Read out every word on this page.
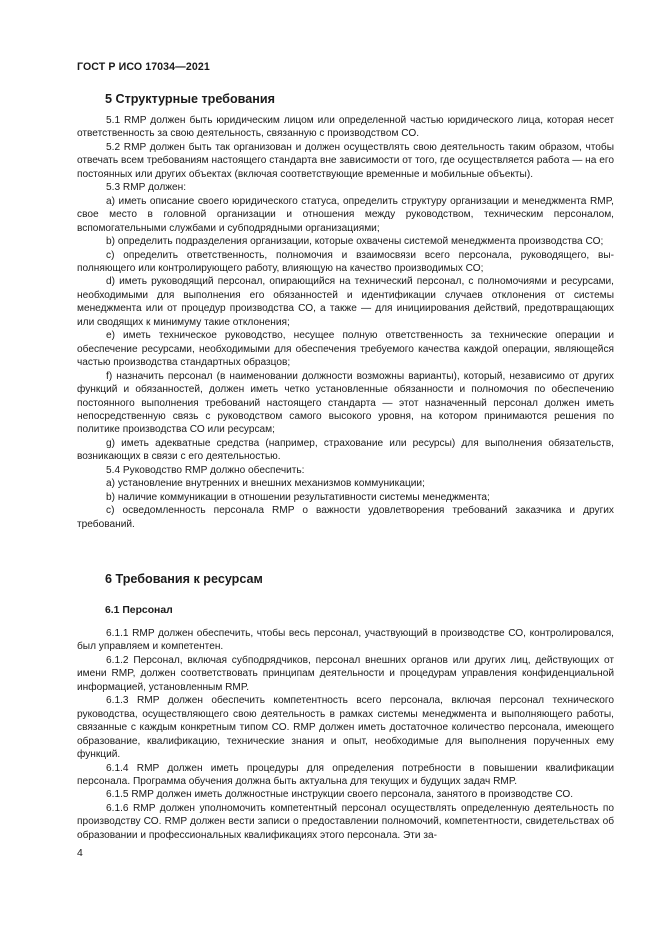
ГОСТ Р ИСО 17034—2021
5 Структурные требования

5.1 RMP должен быть юридическим лицом или определенной частью юридического лица, которая несет ответственность за свою деятельность, связанную с производством СО.

5.2 RMP должен быть так организован и должен осуществлять свою деятельность таким образом, чтобы отвечать всем требованиям настоящего стандарта вне зависимости от того, где осуществляется работа — на его постоянных или других объектах (включая соответствующие временные и мобильные объекты).

5.3 RMP должен:

a) иметь описание своего юридического статуса, определить структуру организации и менеджмента RMP, свое место в головной организации и отношения между руководством, техническим персоналом, вспомогательными службами и субподрядными организациями;

b) определить подразделения организации, которые охвачены системой менеджмента производства СО;

c) определить ответственность, полномочия и взаимосвязи всего персонала, руководящего, выполняющего или контролирующего работу, влияющую на качество производимых СО;

d) иметь руководящий персонал, опирающийся на технический персонал, с полномочиями и ресурсами, необходимыми для выполнения его обязанностей и идентификации случаев отклонения от системы менеджмента или от процедур производства СО, а также — для инициирования действий, предотвращающих или сводящих к минимуму такие отклонения;

e) иметь техническое руководство, несущее полную ответственность за технические операции и обеспечение ресурсами, необходимыми для обеспечения требуемого качества каждой операции, являющейся частью производства стандартных образцов;

f) назначить персонал (в наименовании должности возможны варианты), который, независимо от других функций и обязанностей, должен иметь четко установленные обязанности и полномочия по обеспечению постоянного выполнения требований настоящего стандарта — этот назначенный персонал должен иметь непосредственную связь с руководством самого высокого уровня, на котором принимаются решения по политике производства СО или ресурсам;

g) иметь адекватные средства (например, страхование или ресурсы) для выполнения обязательств, возникающих в связи с его деятельностью.

5.4 Руководство RMP должно обеспечить:

a) установление внутренних и внешних механизмов коммуникации;

b) наличие коммуникации в отношении результативности системы менеджмента;

c) осведомленность персонала RMP о важности удовлетворения требований заказчика и других требований.

6 Требования к ресурсам
6.1 Персонал

6.1.1 RMP должен обеспечить, чтобы весь персонал, участвующий в производстве СО, контролировался, был управляем и компетентен.

6.1.2 Персонал, включая субподрядчиков, персонал внешних органов или других лиц, действующих от имени RMP, должен соответствовать принципам деятельности и процедурам управления конфиденциальной информацией, установленным RMP.

6.1.3 RMP должен обеспечить компетентность всего персонала, включая персонал технического руководства, осуществляющего свою деятельность в рамках системы менеджмента и выполняющего работы, связанные с каждым конкретным типом СО. RMP должен иметь достаточное количество персонала, имеющего образование, квалификацию, технические знания и опыт, необходимые для выполнения порученных ему функций.

6.1.4 RMP должен иметь процедуры для определения потребности в повышении квалификации персонала. Программа обучения должна быть актуальна для текущих и будущих задач RMP.

6.1.5 RMP должен иметь должностные инструкции своего персонала, занятого в производстве СО.

6.1.6 RMP должен уполномочить компетентный персонал осуществлять определенную деятельность по производству СО. RMP должен вести записи о предоставлении полномочий, компетентности, свидетельствах об образовании и профессиональных квалификациях этого персонала. Эти за-

4
